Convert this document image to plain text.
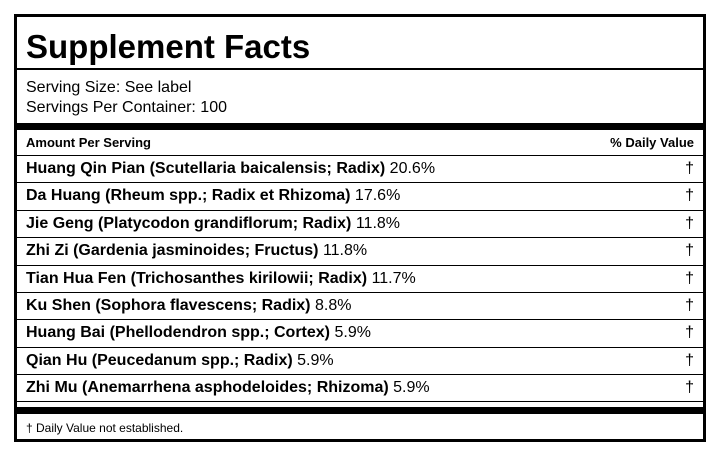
Supplement Facts
Serving Size: See label
Servings Per Container: 100
Amount Per Serving	% Daily Value
Huang Qin Pian (Scutellaria baicalensis; Radix) 20.6%	†
Da Huang (Rheum spp.; Radix et Rhizoma) 17.6%	†
Jie Geng (Platycodon grandiflorum; Radix) 11.8%	†
Zhi Zi (Gardenia jasminoides; Fructus) 11.8%	†
Tian Hua Fen (Trichosanthes kirilowii; Radix) 11.7%	†
Ku Shen (Sophora flavescens; Radix) 8.8%	†
Huang Bai (Phellodendron spp.; Cortex) 5.9%	†
Qian Hu (Peucedanum spp.; Radix) 5.9%	†
Zhi Mu (Anemarrhena asphodeloides; Rhizoma) 5.9%	†
† Daily Value not established.
